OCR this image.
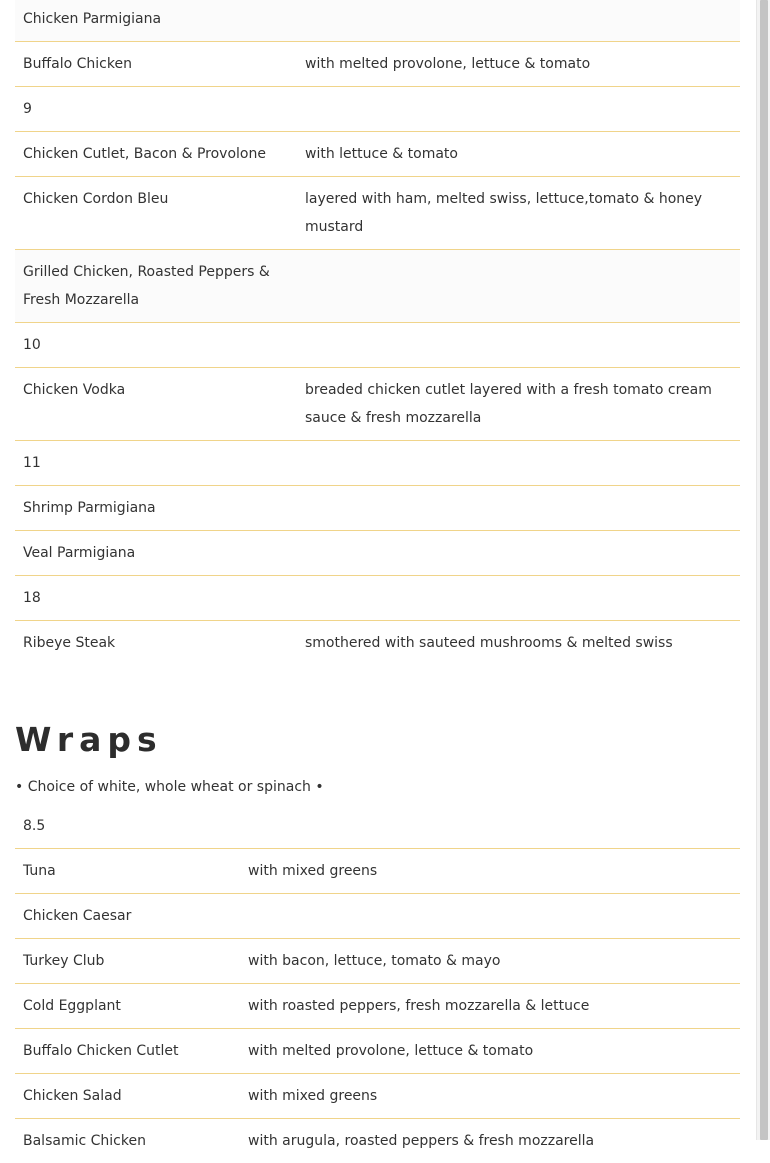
Chicken Parmigiana	
Buffalo Chicken	with melted provolone, lettuce & tomato
9	
Chicken Cutlet, Bacon & Provolone	with lettuce & tomato
Chicken Cordon Bleu	layered with ham, melted swiss, lettuce,tomato & honey mustard
Grilled Chicken, Roasted Peppers & Fresh Mozzarella	
10	
Chicken Vodka	breaded chicken cutlet layered with a fresh tomato cream sauce & fresh mozzarella
11	
Shrimp Parmigiana	
Veal Parmigiana	
18	
Ribeye Steak	smothered with sauteed mushrooms & melted swiss
Wraps

• Choice of white, whole wheat or spinach •

8.5	
Tuna	with mixed greens
Chicken Caesar	
Turkey Club	with bacon, lettuce, tomato & mayo
Cold Eggplant	with roasted peppers, fresh mozzarella & lettuce
Buffalo Chicken Cutlet	with melted provolone, lettuce & tomato
Chicken Salad	with mixed greens
Balsamic Chicken	with arugula, roasted peppers & fresh mozzarella
